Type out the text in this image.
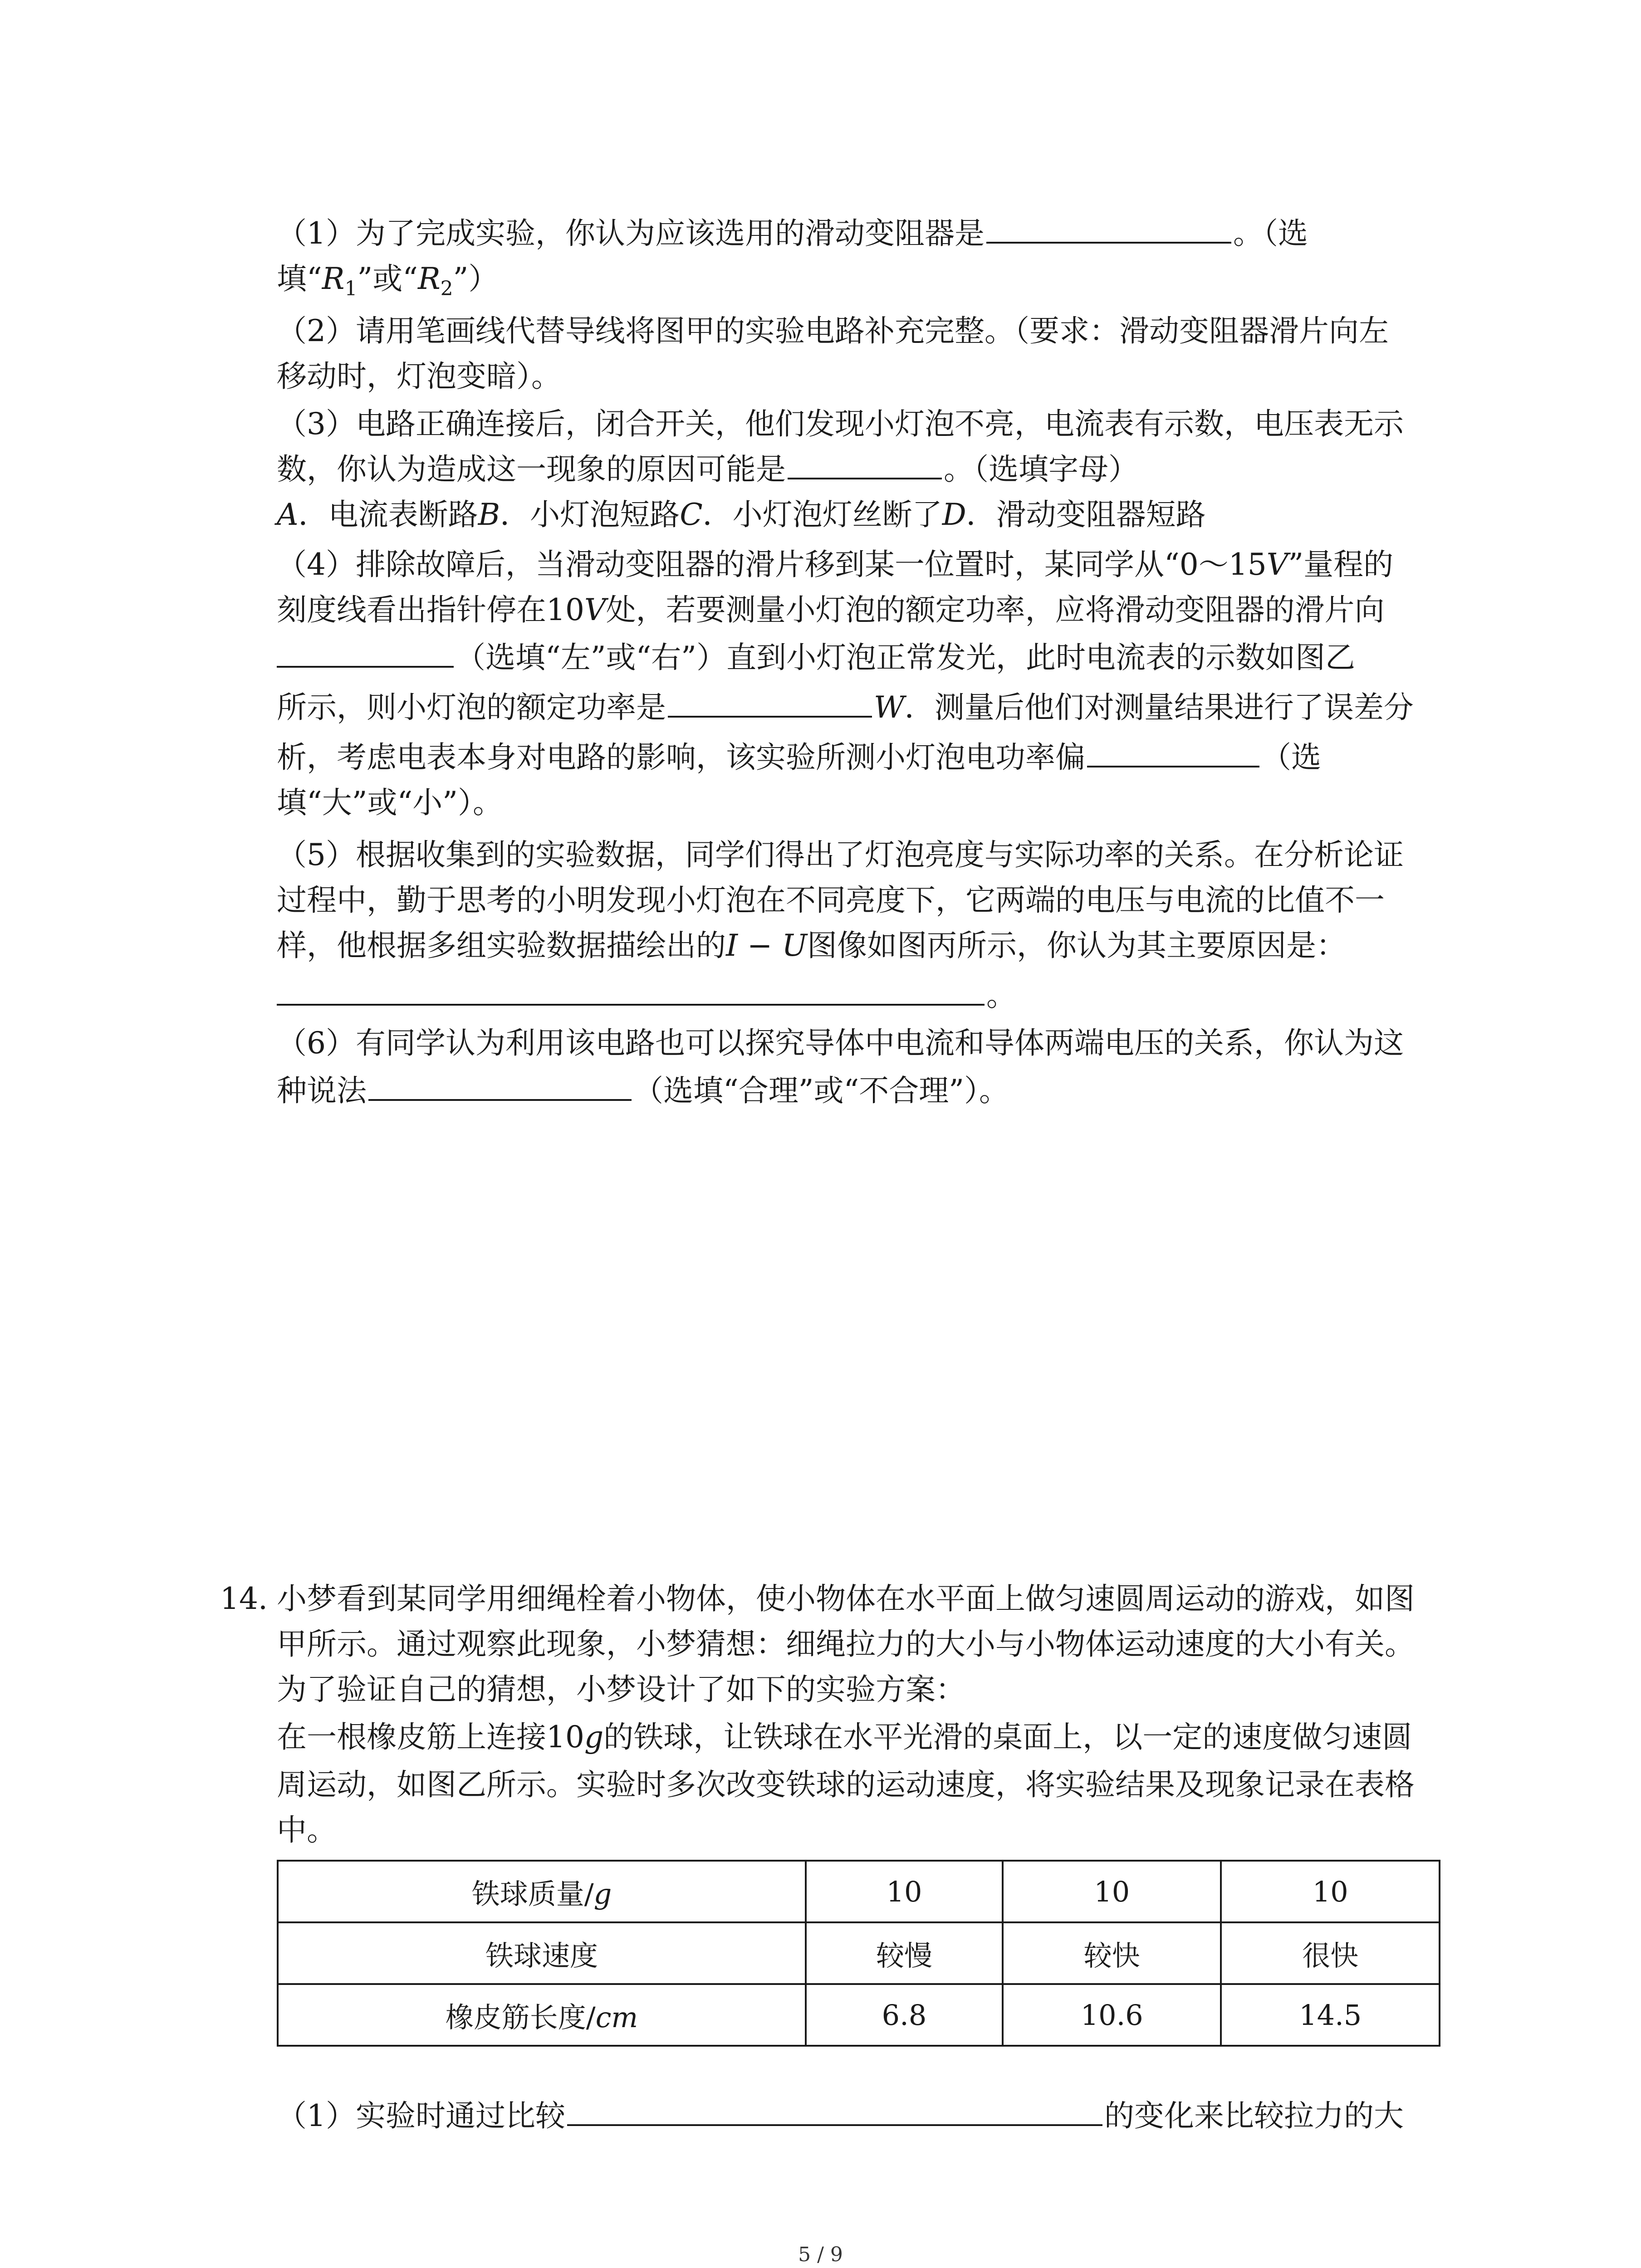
（1）为了完成实验，你认为应该选用的滑动变阻器是	。（选
填“$R_1$”或“$R_2$”）
（2）请用笔画线代替导线将图甲的实验电路补充完整。（要求：滑动变阻器滑片向左
移动时，灯泡变暗）。
（3）电路正确连接后，闭合开关，他们发现小灯泡不亮，电流表有示数，电压表无示
数，你认为造成这一现象的原因可能是	。（选填字母）
A．电流表断路B．小灯泡短路C．小灯泡灯丝断了D．滑动变阻器短路
（4）排除故障后，当滑动变阻器的滑片移到某一位置时，某同学从“0～15V”量程的
刻度线看出指针停在10V处，若要测量小灯泡的额定功率，应将滑动变阻器的滑片向
（选填“左”或“右”）直到小灯泡正常发光，此时电流表的示数如图乙
所示，则小灯泡的额定功率是	W．测量后他们对测量结果进行了误差分
析，考虑电表本身对电路的影响，该实验所测小灯泡电功率偏	（选
填“大”或“小”）。
（5）根据收集到的实验数据，同学们得出了灯泡亮度与实际功率的关系。在分析论证
过程中，勤于思考的小明发现小灯泡在不同亮度下，它两端的电压与电流的比值不一
样，他根据多组实验数据描绘出的I − U图像如图丙所示，你认为其主要原因是：
。
（6）有同学认为利用该电路也可以探究导体中电流和导体两端电压的关系，你认为这
种说法	（选填“合理”或“不合理”）。
14. 小梦看到某同学用细绳栓着小物体，使小物体在水平面上做匀速圆周运动的游戏，如图
甲所示。通过观察此现象，小梦猜想：细绳拉力的大小与小物体运动速度的大小有关。
为了验证自己的猜想，小梦设计了如下的实验方案：
在一根橡皮筋上连接10g的铁球，让铁球在水平光滑的桌面上，以一定的速度做匀速圆
周运动，如图乙所示。实验时多次改变铁球的运动速度，将实验结果及现象记录在表格
中。
铁球质量/g	10	10	10
铁球速度	较慢	较快	很快
橡皮筋长度/cm	6.8	10.6	14.5
（1）实验时通过比较	的变化来比较拉力的大
5 / 9
